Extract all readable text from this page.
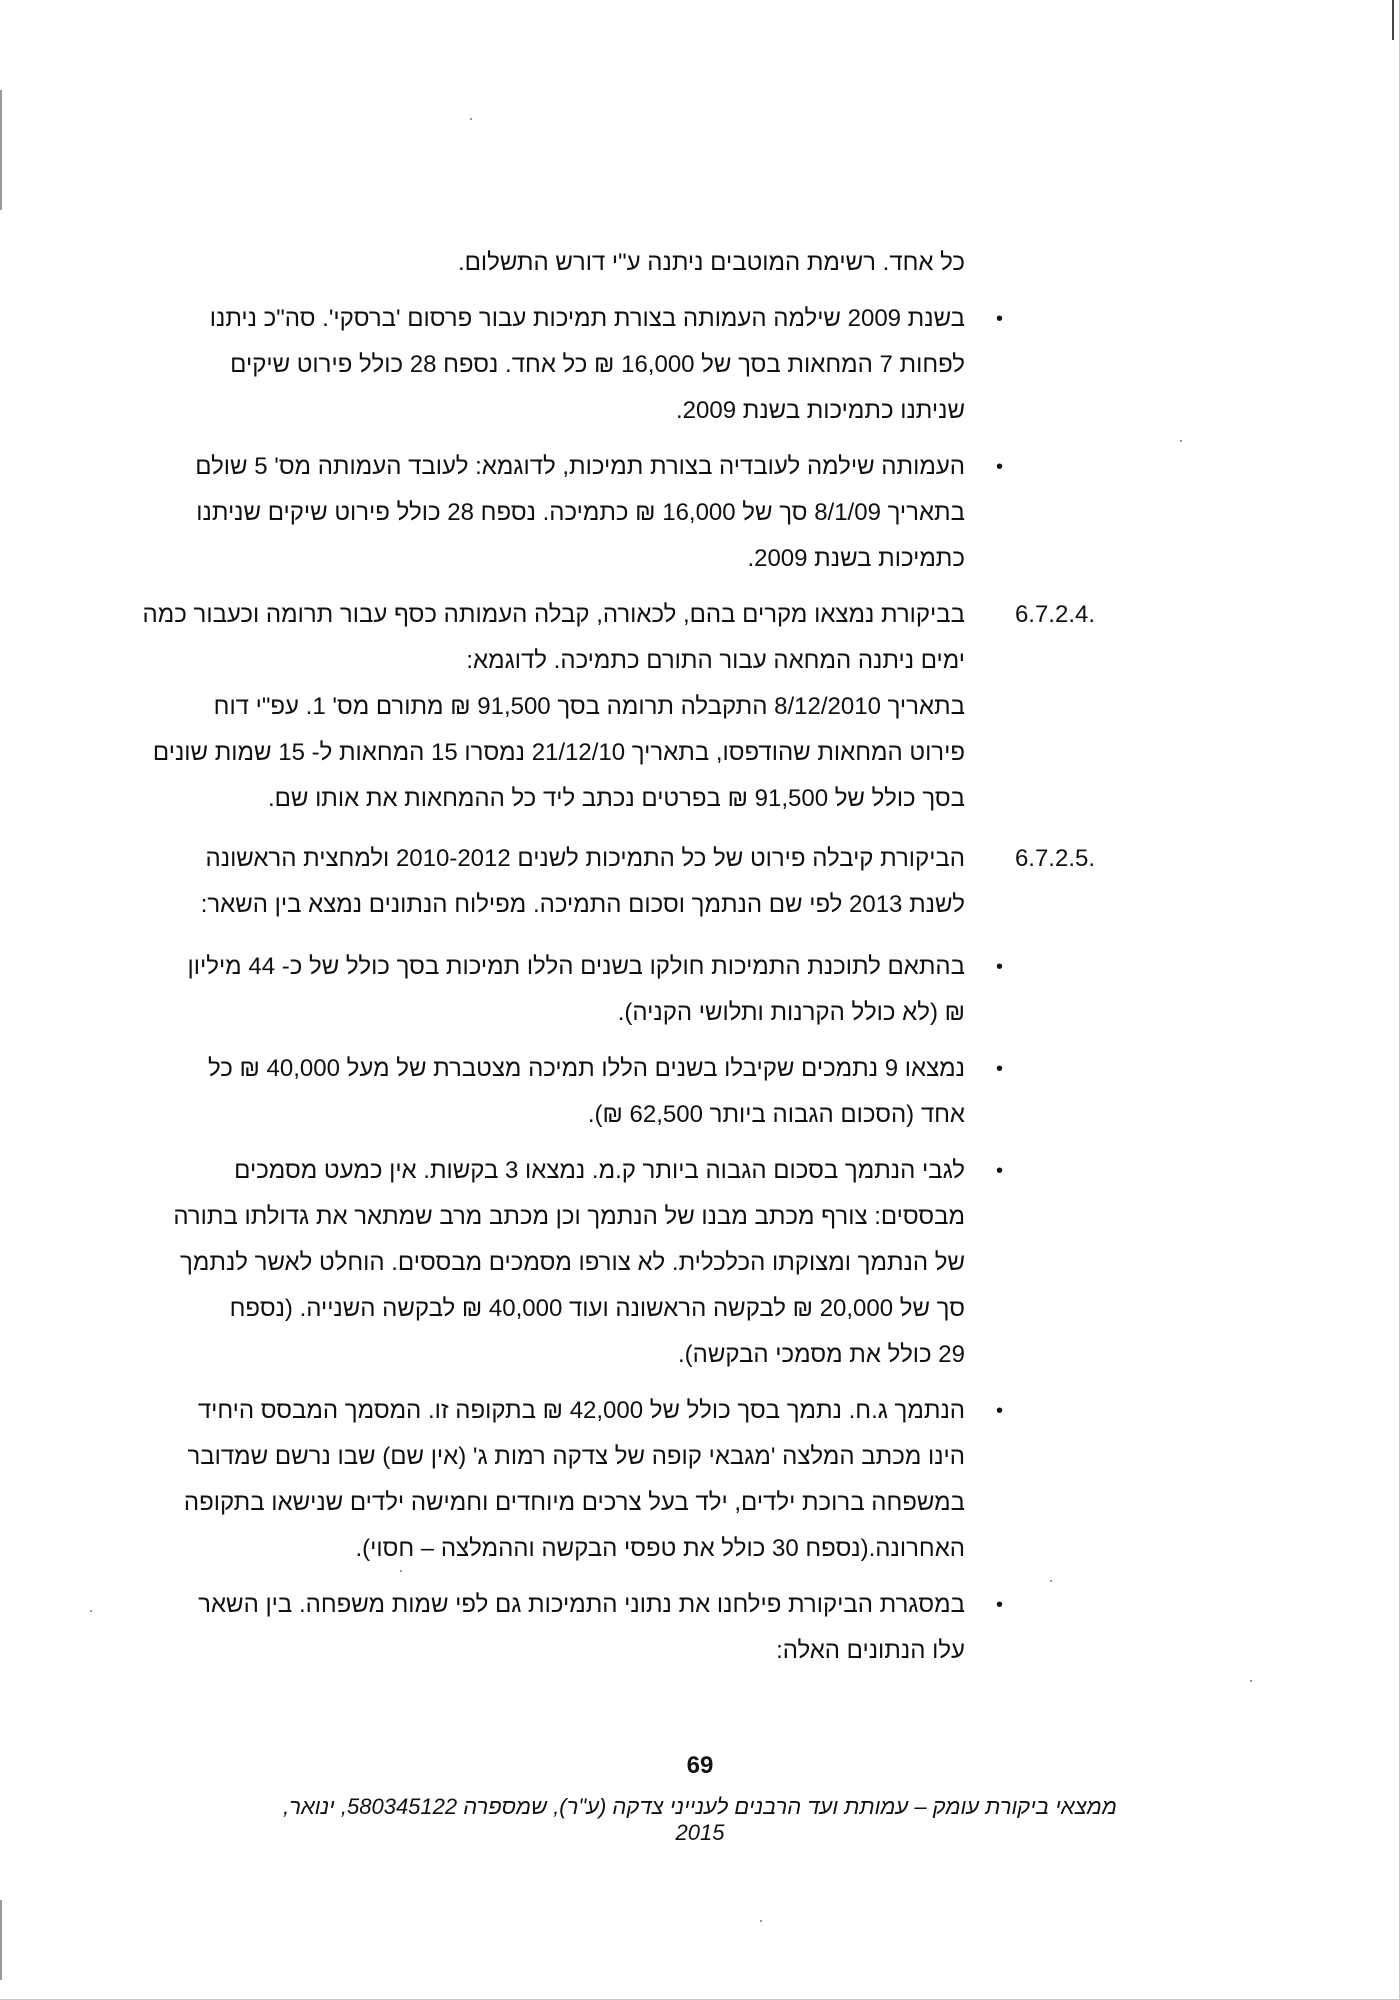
כל אחד. רשימת המוטבים ניתנה ע"י דורש התשלום.
•
בשנת 2009 שילמה העמותה בצורת תמיכות עבור פרסום 'ברסקי'. סה"כ ניתנו
לפחות 7 המחאות בסך של 16,000 ₪ כל אחד. נספח 28 כולל פירוט שיקים
שניתנו כתמיכות בשנת 2009.
•
העמותה שילמה לעובדיה בצורת תמיכות, לדוגמא: לעובד העמותה מס' 5 שולם
בתאריך 8/1/09 סך של 16,000 ₪ כתמיכה. נספח 28 כולל פירוט שיקים שניתנו
כתמיכות בשנת 2009.
6.7.2.4.
בביקורת נמצאו מקרים בהם, לכאורה, קבלה העמותה כסף עבור תרומה וכעבור כמה
ימים ניתנה המחאה עבור התורם כתמיכה. לדוגמא:
בתאריך 8/12/2010 התקבלה תרומה בסך 91,500 ₪ מתורם מס' 1. עפ"י דוח
פירוט המחאות שהודפסו, בתאריך 21/12/10 נמסרו 15 המחאות ל- 15 שמות שונים
בסך כולל של 91,500 ₪ בפרטים נכתב ליד כל ההמחאות את אותו שם.
6.7.2.5.
הביקורת קיבלה פירוט של כל התמיכות לשנים 2010-2012 ולמחצית הראשונה
לשנת 2013 לפי שם הנתמך וסכום התמיכה. מפילוח הנתונים נמצא בין השאר:
•
בהתאם לתוכנת התמיכות חולקו בשנים הללו תמיכות בסך כולל של כ- 44 מיליון
₪ (לא כולל הקרנות ותלושי הקניה).
•
נמצאו 9 נתמכים שקיבלו בשנים הללו תמיכה מצטברת של מעל 40,000 ₪ כל
אחד (הסכום הגבוה ביותר 62,500 ₪).
•
לגבי הנתמך בסכום הגבוה ביותר ק.מ. נמצאו 3 בקשות. אין כמעט מסמכים
מבססים: צורף מכתב מבנו של הנתמך וכן מכתב מרב שמתאר את גדולתו בתורה
של הנתמך ומצוקתו הכלכלית. לא צורפו מסמכים מבססים. הוחלט לאשר לנתמך
סך של 20,000 ₪ לבקשה הראשונה ועוד 40,000 ₪ לבקשה השנייה. (נספח
29 כולל את מסמכי הבקשה).
•
הנתמך ג.ח. נתמך בסך כולל של 42,000 ₪ בתקופה זו. המסמך המבסס היחיד
הינו מכתב המלצה 'מגבאי קופה של צדקה רמות ג' (אין שם) שבו נרשם שמדובר
במשפחה ברוכת ילדים, ילד בעל צרכים מיוחדים וחמישה ילדים שנישאו בתקופה
האחרונה.(נספח 30 כולל את טפסי הבקשה וההמלצה – חסוי).
•
במסגרת הביקורת פילחנו את נתוני התמיכות גם לפי שמות משפחה. בין השאר
עלו הנתונים האלה:
69
ממצאי ביקורת עומק – עמותת ועד הרבנים לענייני צדקה (ע"ר), שמספרה 580345122, ינואר, 2015
